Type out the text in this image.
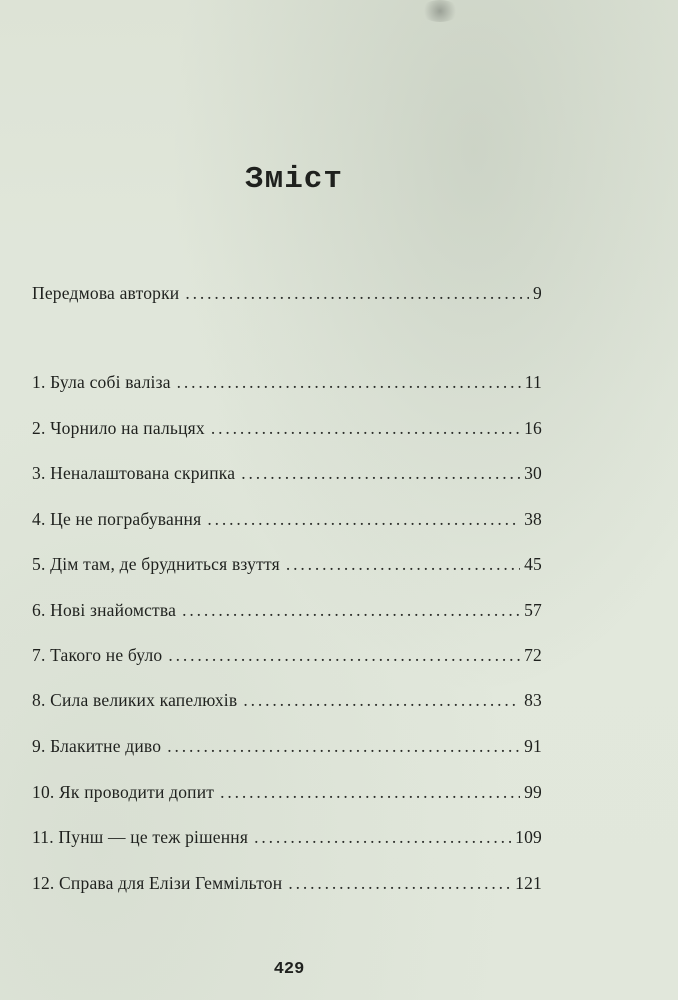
Зміст
Передмова авторки . . .	9
1. Була собі валіза . . .	11
2. Чорнило на пальцях . . .	16
3. Неналаштована скрипка . . .	30
4. Це не пограбування . . .	38
5. Дім там, де брудниться взуття . . .	45
6. Нові знайомства . . .	57
7. Такого не було . . .	72
8. Сила великих капелюхів . . .	83
9. Блакитне диво . . .	91
10. Як проводити допит . . .	99
11. Пунш — це теж рішення . . .	109
12. Справа для Елізи Геммільтон . . .	121
429
